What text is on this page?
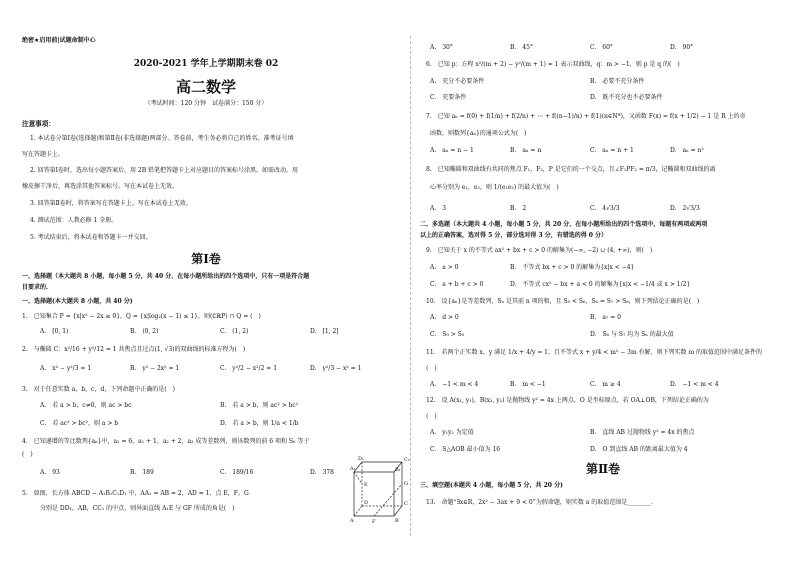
绝密★启用前|试题命制中心
2020-2021 学年上学期期末卷 02
高二数学
（考试时间：120 分钟　试卷满分：150 分）
注意事项：
1. 本试卷分第Ⅰ卷(选择题)和第Ⅱ卷(非选择题)两部分。答卷前，考生务必将自己的姓名、准考证号填
写在答题卡上。
2. 回答第Ⅰ卷时，选出每小题答案后，用 2B 铅笔把答题卡上对应题目的答案标号涂黑。如需改动，用
橡皮擦干净后，再选涂其他答案标号。写在本试卷上无效。
3. 回答第Ⅱ卷时，将答案写在答题卡上。写在本试卷上无效。
4. 测试范围：人教必修 1 全册。
5. 考试结束后，将本试卷和答题卡一并交回。
第Ⅰ卷
一、选择题（本大题共 8 小题，每小题 5 分，共 40 分，在每小题所给出的四个选项中，只有一项是符合题
目要求的.
一、选择题(本大题共 8 小题，共 40 分)
1.　已知集合 P = {x|x² − 2x ≥ 0}，Q = {x|log₂(x − 1) ≤ 1}，则(∁ℝP) ∩ Q = (　)
A.　[0, 1)	B.　(0, 2)	C.　(1, 2)	D.　[1, 2]
2.　与椭圆 C：x²/16 + y²/12 = 1 共焦点且过点(1, √3)的双曲线的标准方程为(　)
A.　x² − y²/3 = 1	B.　y² − 2x² = 1	C.　y²/2 − x²/2 = 1	D.　y²/3 − x² = 1
3.　对于任意实数 a，b，c，d，下列命题中正确的是(　)
A.　若 a > b，c≠0，则 ac > bc	B.　若 a > b，则 ac² > bc²
C.　若 ac² > bc²，则 a > b	D.　若 a > b，则 1/a < 1/b
4.　已知递增的等比数列{aₙ}中，a₂ = 6，a₁ + 1，a₂ + 2，a₃ 成等差数列，则该数列的前 6 项和 S₆ 等于
(　)
A.　93	B.　189	C.　189/16	D.　378
5.　如图，长方体 ABCD − A₁B₁C₁D₁ 中，AA₁ = AB = 2，AD = 1，点 E，F，G
分别是 DD₁，AB，CC₁ 的中点，则异面直线 A₁E 与 GF 所成的角是(　)
D₁	C₁
A₁	B₁
D	C
A	B
E	G
F
A.　30°	B.　45°	C.　60°	D.　90°
6.　已知 p：方程 x²/(m + 2) − y²/(m + 1) = 1 表示双曲线，q：m > −1，则 p 是 q 的(　)
A.　充分不必要条件	B.　必要不充分条件
C.　充要条件	D.　既不充分也不必要条件
7.　已知 aₙ = f(0) + f(1/n) + f(2/n) + ⋯ + f((n−1)/n) + f(1)(n∈N*)，又函数 F(x) = f(x + 1/2) − 1 是 R 上的奇
函数，则数列{aₙ}的通项公式为(　)
A.　aₙ = n − 1	B.　aₙ = n	C.　aₙ = n + 1	D.　aₙ = n²
8.　已知椭圆和双曲线有共同的焦点 F₁，F₂，P 是它们的一个交点，且∠F₁PF₂ = π/3，记椭圆和双曲线的离
心率分别为 e₁，e₂，则 1/(e₁e₂) 的最大值为(　)
A.　3	B.　2	C.　4√3/3	D.　2√3/3
二、多选题（本大题共 4 小题，每小题 5 分，共 20 分，在每小题所给出的四个选项中，每题有两项或两项
以上的正确答案，选对得 5 分，部分选对得 3 分，有错选的得 0 分）
9.　已知关于 x 的不等式 ax² + bx + c > 0 的解集为(−∞, −2) ∪ (4, +∞)，则(　)
A.　a > 0	B.　不等式 bx + c > 0 的解集为{x|x < −4}
C.　a + b + c > 0	D.　不等式 cx² − bx + a < 0 的解集为{x|x < −1/4 或 x > 1/2}
10.　设{aₙ}是等差数列，Sₙ 是其前 n 项的和，且 S₅ < S₆，S₆ = S₇ > S₈，则下列结论正确的是(　)
A.　d > 0	B.　a₇ = 0
C.　S₉ > S₅	D.　S₆ 与 S₇ 均为 Sₙ 的最大值
11.　若两个正实数 x，y 满足 1/x + 4/y = 1，且不等式 x + y/4 < m² − 3m 有解，则下列实数 m 的取值范围中满足条件的
(　)
A.　−1 < m < 4	B.　m < −1	C.　m ≥ 4	D.　−1 < m < 4
12.　设 A(x₁, y₁)，B(x₂, y₂) 是抛物线 y² = 4x 上两点，O 是坐标原点，若 OA⊥OB，下列结论正确的为
(　)
A.　y₁y₂ 为定值	B.　直线 AB 过抛物线 y² = 4x 的焦点
C.　S△AOB 最小值为 16	D.　O 到直线 AB 的距离最大值为 4
第Ⅱ卷
三、填空题(本题共 4 小题，每小题 5 分，共 20 分)
13.　命题“∃x∈R，2x² − 3ax + 9 < 0”为假命题，则实数 a 的取值范围是________.
